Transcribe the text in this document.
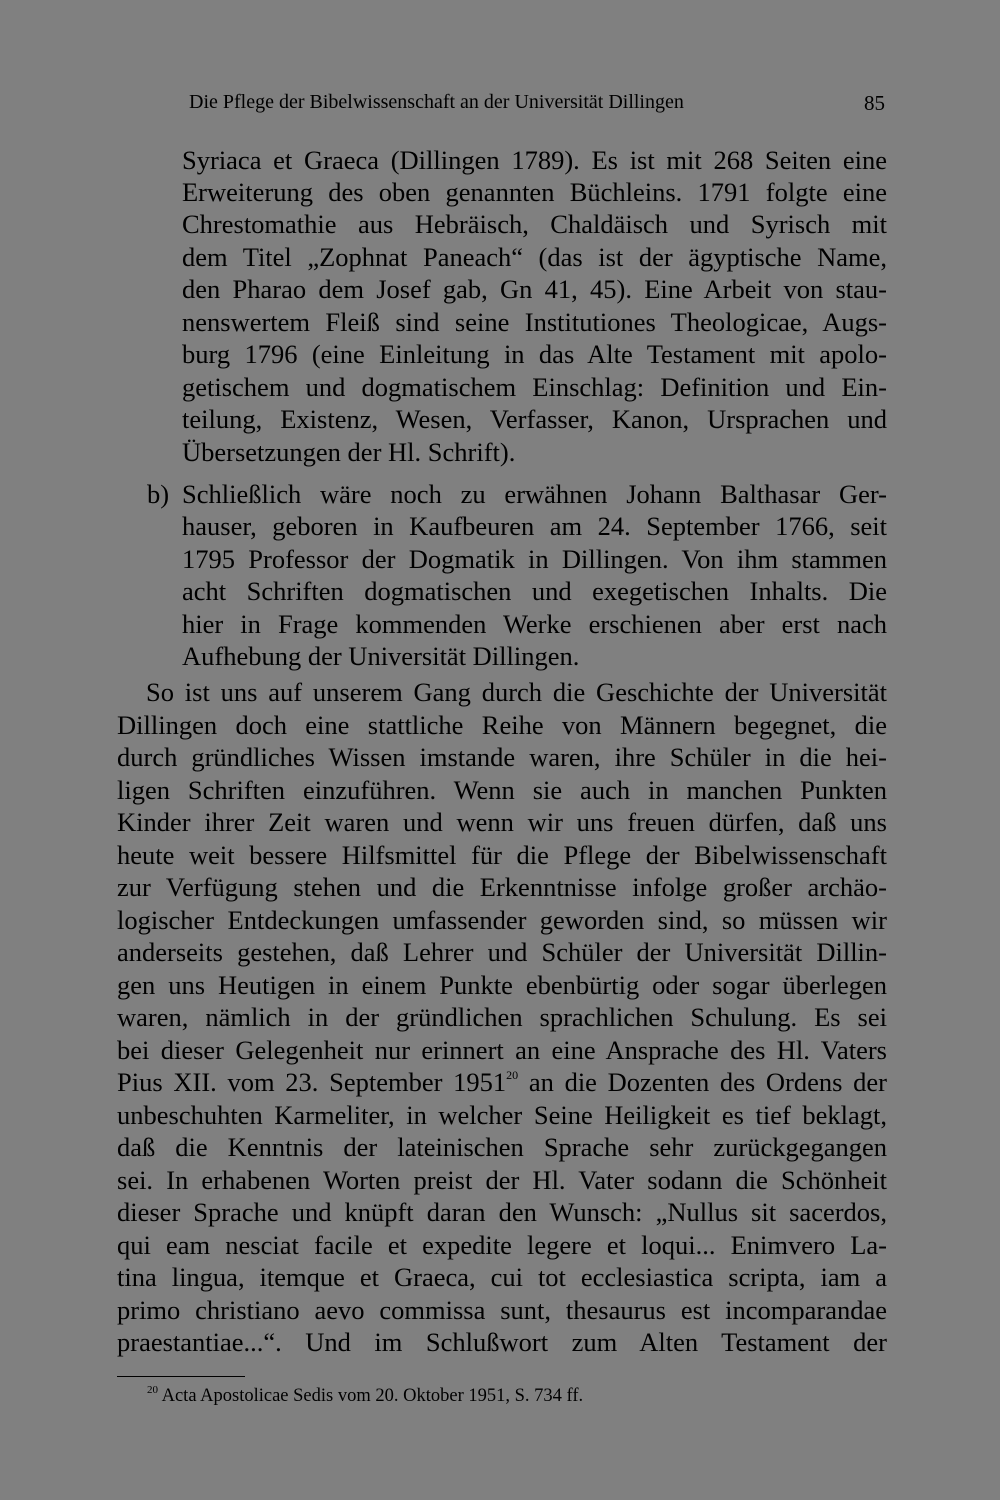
Die Pflege der Bibelwissenschaft an der Universität Dillingen	85
Syriaca et Graeca (Dillingen 1789). Es ist mit 268 Seiten eine
Erweiterung des oben genannten Büchleins. 1791 folgte eine
Chrestomathie aus Hebräisch, Chaldäisch und Syrisch mit
dem Titel „Zophnat Paneach“ (das ist der ägyptische Name,
den Pharao dem Josef gab, Gn 41, 45). Eine Arbeit von stau-
nenswertem Fleiß sind seine Institutiones Theologicae, Augs-
burg 1796 (eine Einleitung in das Alte Testament mit apolo-
getischem und dogmatischem Einschlag: Definition und Ein-
teilung, Existenz, Wesen, Verfasser, Kanon, Ursprachen und
Übersetzungen der Hl. Schrift).
b) Schließlich wäre noch zu erwähnen Johann Balthasar Ger-
hauser, geboren in Kaufbeuren am 24. September 1766, seit
1795 Professor der Dogmatik in Dillingen. Von ihm stammen
acht Schriften dogmatischen und exegetischen Inhalts. Die
hier in Frage kommenden Werke erschienen aber erst nach
Aufhebung der Universität Dillingen.
So ist uns auf unserem Gang durch die Geschichte der Universität
Dillingen doch eine stattliche Reihe von Männern begegnet, die
durch gründliches Wissen imstande waren, ihre Schüler in die hei-
ligen Schriften einzuführen. Wenn sie auch in manchen Punkten
Kinder ihrer Zeit waren und wenn wir uns freuen dürfen, daß uns
heute weit bessere Hilfsmittel für die Pflege der Bibelwissenschaft
zur Verfügung stehen und die Erkenntnisse infolge großer archäo-
logischer Entdeckungen umfassender geworden sind, so müssen wir
anderseits gestehen, daß Lehrer und Schüler der Universität Dillin-
gen uns Heutigen in einem Punkte ebenbürtig oder sogar überlegen
waren, nämlich in der gründlichen sprachlichen Schulung. Es sei
bei dieser Gelegenheit nur erinnert an eine Ansprache des Hl. Vaters
Pius XII. vom 23. September 1951$^{20}$ an die Dozenten des Ordens der
unbeschuhten Karmeliter, in welcher Seine Heiligkeit es tief beklagt,
daß die Kenntnis der lateinischen Sprache sehr zurückgegangen
sei. In erhabenen Worten preist der Hl. Vater sodann die Schönheit
dieser Sprache und knüpft daran den Wunsch: „Nullus sit sacerdos,
qui eam nesciat facile et expedite legere et loqui... Enimvero La-
tina lingua, itemque et Graeca, cui tot ecclesiastica scripta, iam a
primo christiano aevo commissa sunt, thesaurus est incomparandae
praestantiae...“. Und im Schlußwort zum Alten Testament der
$^{20}$ Acta Apostolicae Sedis vom 20. Oktober 1951, S. 734 ff.
